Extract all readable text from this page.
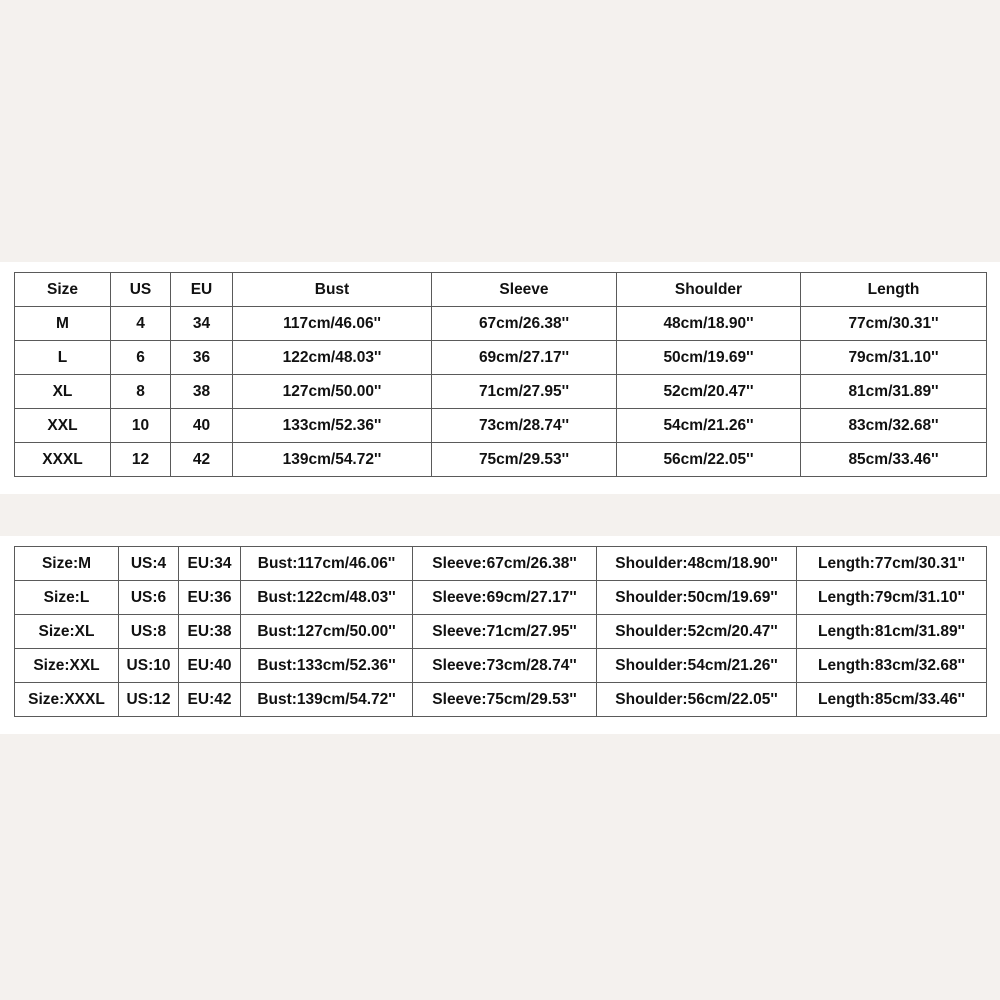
Size	US	EU	Bust	Sleeve	Shoulder	Length
M	4	34	117cm/46.06''	67cm/26.38''	48cm/18.90''	77cm/30.31''
L	6	36	122cm/48.03''	69cm/27.17''	50cm/19.69''	79cm/31.10''
XL	8	38	127cm/50.00''	71cm/27.95''	52cm/20.47''	81cm/31.89''
XXL	10	40	133cm/52.36''	73cm/28.74''	54cm/21.26''	83cm/32.68''
XXXL	12	42	139cm/54.72''	75cm/29.53''	56cm/22.05''	85cm/33.46''
Size:M	US:4	EU:34	Bust:117cm/46.06''	Sleeve:67cm/26.38''	Shoulder:48cm/18.90''	Length:77cm/30.31''
Size:L	US:6	EU:36	Bust:122cm/48.03''	Sleeve:69cm/27.17''	Shoulder:50cm/19.69''	Length:79cm/31.10''
Size:XL	US:8	EU:38	Bust:127cm/50.00''	Sleeve:71cm/27.95''	Shoulder:52cm/20.47''	Length:81cm/31.89''
Size:XXL	US:10	EU:40	Bust:133cm/52.36''	Sleeve:73cm/28.74''	Shoulder:54cm/21.26''	Length:83cm/32.68''
Size:XXXL	US:12	EU:42	Bust:139cm/54.72''	Sleeve:75cm/29.53''	Shoulder:56cm/22.05''	Length:85cm/33.46''
